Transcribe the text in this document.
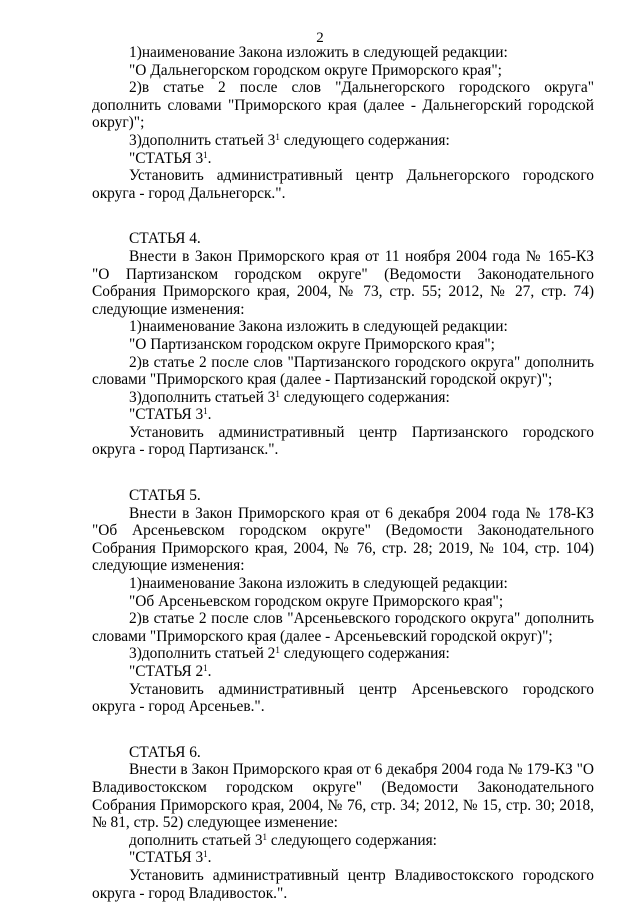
2

1)наименование Закона изложить в следующей редакции:

"О Дальнегорском городском округе Приморского края";

2)в статье 2 после слов "Дальнегорского городского округа" дополнить словами "Приморского края (далее - Дальнегорский городской округ)";

3)дополнить статьей $3^1$ следующего содержания:

"СТАТЬЯ $3^1$.

Установить административный центр Дальнегорского городского округа - город Дальнегорск.".

СТАТЬЯ 4.

Внести в Закон Приморского края от 11 ноября 2004 года № 165-КЗ "О Партизанском городском округе" (Ведомости Законодательного Собрания Приморского края, 2004, № 73, стр. 55; 2012, № 27, стр. 74) следующие изменения:

1)наименование Закона изложить в следующей редакции:

"О Партизанском городском округе Приморского края";

2)в статье 2 после слов "Партизанского городского округа" дополнить словами "Приморского края (далее - Партизанский городской округ)";

3)дополнить статьей $3^1$ следующего содержания:

"СТАТЬЯ $3^1$.

Установить административный центр Партизанского городского округа - город Партизанск.".

СТАТЬЯ 5.

Внести в Закон Приморского края от 6 декабря 2004 года № 178-КЗ "Об Арсеньевском городском округе" (Ведомости Законодательного Собрания Приморского края, 2004, № 76, стр. 28; 2019, № 104, стр. 104) следующие изменения:

1)наименование Закона изложить в следующей редакции:

"Об Арсеньевском городском округе Приморского края";

2)в статье 2 после слов "Арсеньевского городского округа" дополнить словами "Приморского края (далее - Арсеньевский городской округ)";

3)дополнить статьей $2^1$ следующего содержания:

"СТАТЬЯ $2^1$.

Установить административный центр Арсеньевского городского округа - город Арсеньев.".

СТАТЬЯ 6.

Внести в Закон Приморского края от 6 декабря 2004 года № 179-КЗ "О Владивостокском городском округе" (Ведомости Законодательного Собрания Приморского края, 2004, № 76, стр. 34; 2012, № 15, стр. 30; 2018, № 81, стр. 52) следующее изменение:

дополнить статьей $3^1$ следующего содержания:

"СТАТЬЯ $3^1$.

Установить административный центр Владивостокского городского округа - город Владивосток.".
